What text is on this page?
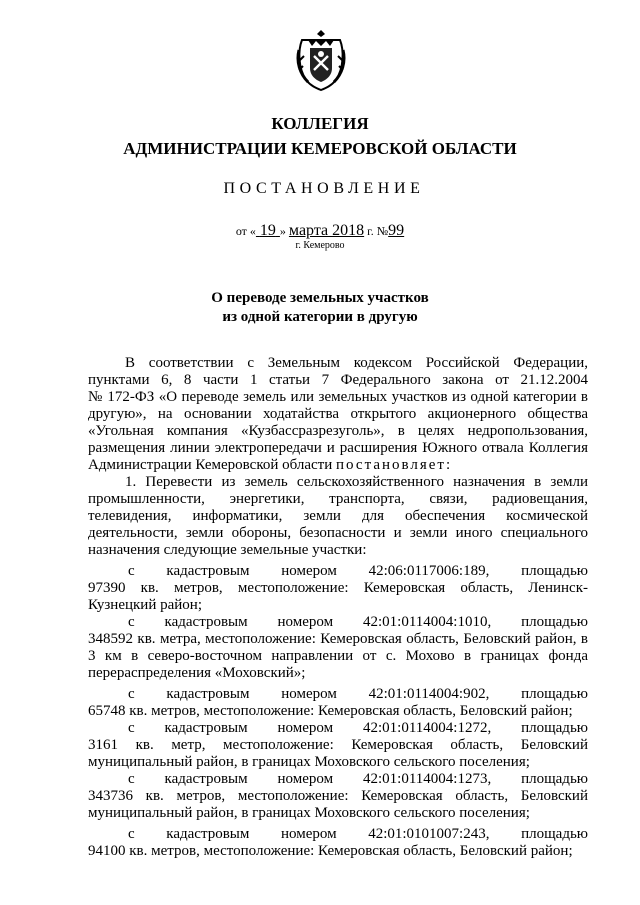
КОЛЛЕГИЯ
АДМИНИСТРАЦИИ КЕМЕРОВСКОЙ ОБЛАСТИ
ПОСТАНОВЛЕНИЕ
от « 19 » марта 2018 г. №99
г. Кемерово
О переводе земельных участков
из одной категории в другую
В соответствии с Земельным кодексом Российской Федерации,
пунктами 6, 8 части 1 статьи 7 Федерального закона от 21.12.2004
№ 172-ФЗ «О переводе земель или земельных участков из одной категории в
другую», на основании ходатайства открытого акционерного общества
«Угольная компания «Кузбассразрезуголь», в целях недропользования,
размещения линии электропередачи и расширения Южного отвала Коллегия
Администрации Кемеровской области постановляет:
1. Перевести из земель сельскохозяйственного назначения в земли
промышленности, энергетики, транспорта, связи, радиовещания,
телевидения, информатики, земли для обеспечения космической
деятельности, земли обороны, безопасности и земли иного специального
назначения следующие земельные участки:
с кадастровым номером 42:06:0117006:189, площадью
97390 кв. метров, местоположение: Кемеровская область, Ленинск-
Кузнецкий район;
с кадастровым номером 42:01:0114004:1010, площадью
348592 кв. метра, местоположение: Кемеровская область, Беловский район, в
3 км в северо-восточном направлении от с. Мохово в границах фонда
перераспределения «Моховский»;
с кадастровым номером 42:01:0114004:902, площадью
65748 кв. метров, местоположение: Кемеровская область, Беловский район;
с кадастровым номером 42:01:0114004:1272, площадью
3161 кв. метр, местоположение: Кемеровская область, Беловский
муниципальный район, в границах Моховского сельского поселения;
с кадастровым номером 42:01:0114004:1273, площадью
343736 кв. метров, местоположение: Кемеровская область, Беловский
муниципальный район, в границах Моховского сельского поселения;
с кадастровым номером 42:01:0101007:243, площадью
94100 кв. метров, местоположение: Кемеровская область, Беловский район;
